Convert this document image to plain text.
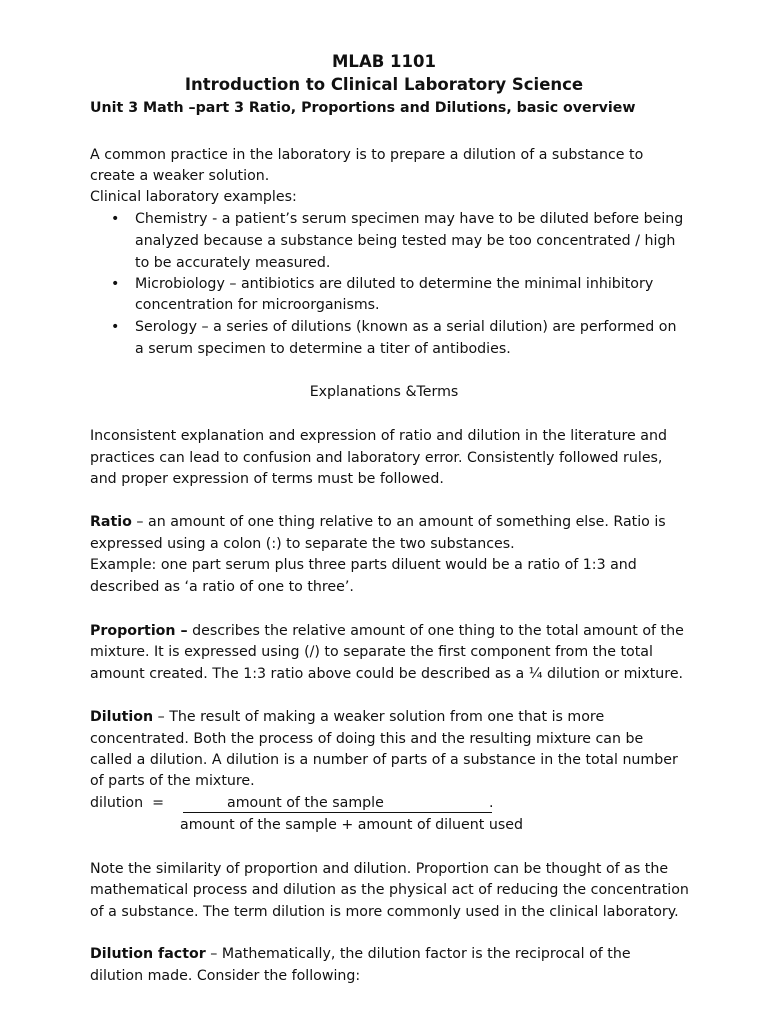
MLAB 1101
Introduction to Clinical Laboratory Science
Unit 3 Math –part 3 Ratio, Proportions and Dilutions, basic overview
A common practice in the laboratory is to prepare a dilution of a substance to
create a weaker solution.
Clinical laboratory examples:
• Chemistry - a patient’s serum specimen may have to be diluted before being
analyzed because a substance being tested may be too concentrated / high
to be accurately measured.
• Microbiology – antibiotics are diluted to determine the minimal inhibitory
concentration for microorganisms.
• Serology – a series of dilutions (known as a serial dilution) are performed on
a serum specimen to determine a titer of antibodies.
Explanations &Terms
Inconsistent explanation and expression of ratio and dilution in the literature and
practices can lead to confusion and laboratory error. Consistently followed rules,
and proper expression of terms must be followed.
Ratio – an amount of one thing relative to an amount of something else. Ratio is
expressed using a colon (:) to separate the two substances.
Example: one part serum plus three parts diluent would be a ratio of 1:3 and
described as ‘a ratio of one to three’.
Proportion – describes the relative amount of one thing to the total amount of the
mixture. It is expressed using (/) to separate the first component from the total
amount created. The 1:3 ratio above could be described as a ¼ dilution or mixture.
Dilution – The result of making a weaker solution from one that is more
concentrated. Both the process of doing this and the resulting mixture can be
called a dilution. A dilution is a number of parts of a substance in the total number
of parts of the mixture.
dilution  =	amount of the sample	.
amount of the sample + amount of diluent used
Note the similarity of proportion and dilution. Proportion can be thought of as the
mathematical process and dilution as the physical act of reducing the concentration
of a substance. The term dilution is more commonly used in the clinical laboratory.
Dilution factor – Mathematically, the dilution factor is the reciprocal of the
dilution made. Consider the following:
